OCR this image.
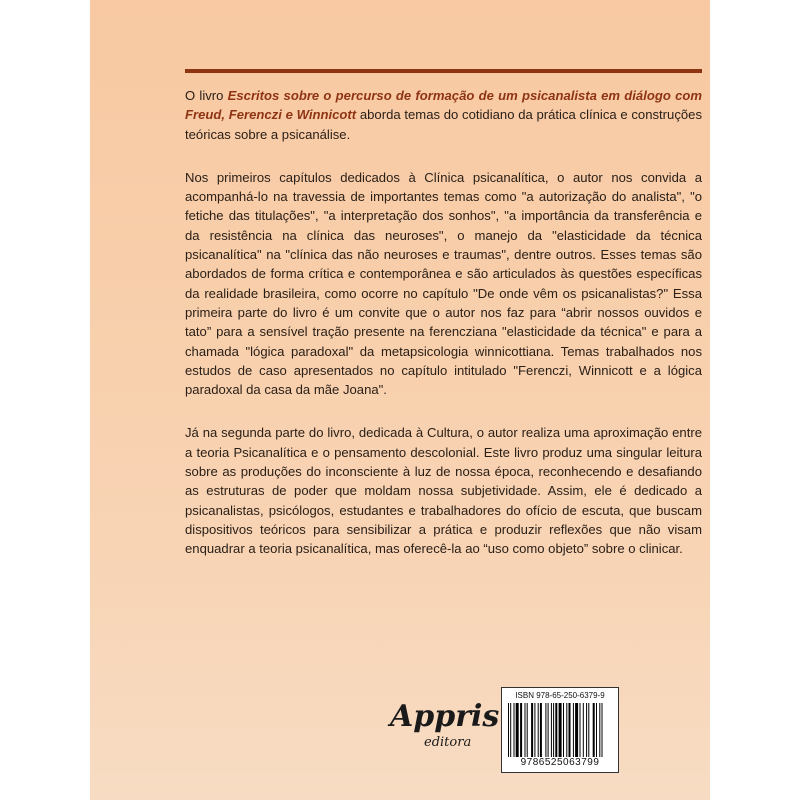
O livro Escritos sobre o percurso de formação de um psicanalista em diálogo com Freud, Ferenczi e Winnicott aborda temas do cotidiano da prática clínica e construções teóricas sobre a psicanálise.

Nos primeiros capítulos dedicados à Clínica psicanalítica, o autor nos convida a acompanhá-lo na travessia de importantes temas como "a autorização do analista", "o fetiche das titulações", "a interpretação dos sonhos", "a importância da transferência e da resistência na clínica das neuroses", o manejo da "elasticidade da técnica psicanalítica" na "clínica das não neuroses e traumas", dentre outros. Esses temas são abordados de forma crítica e contemporânea e são articulados às questões específicas da realidade brasileira, como ocorre no capítulo "De onde vêm os psicanalistas?" Essa primeira parte do livro é um convite que o autor nos faz para “abrir nossos ouvidos e tato” para a sensível tração presente na ferencziana "elasticidade da técnica" e para a chamada "lógica paradoxal" da metapsicologia winnicottiana. Temas trabalhados nos estudos de caso apresentados no capítulo intitulado "Ferenczi, Winnicott e a lógica paradoxal da casa da mãe Joana".

Já na segunda parte do livro, dedicada à Cultura, o autor realiza uma aproximação entre a teoria Psicanalítica e o pensamento descolonial. Este livro produz uma singular leitura sobre as produções do inconsciente à luz de nossa época, reconhecendo e desafiando as estruturas de poder que moldam nossa subjetividade. Assim, ele é dedicado a psicanalistas, psicólogos, estudantes e trabalhadores do ofício de escuta, que buscam dispositivos teóricos para sensibilizar a prática e produzir reflexões que não visam enquadrar a teoria psicanalítica, mas oferecê-la ao “uso como objeto” sobre o clinicar.

Appris
editora
ISBN 978-65-250-6379-9
9786525063799
